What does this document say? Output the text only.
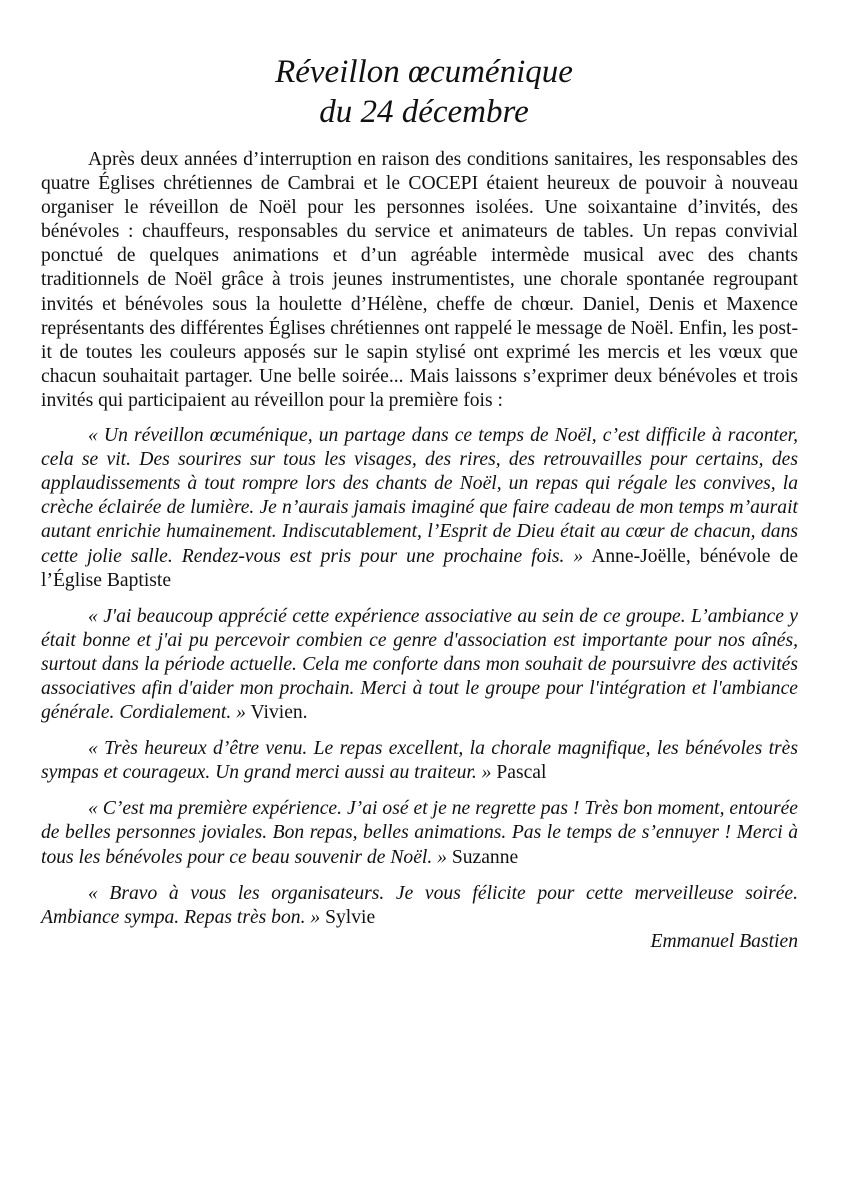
Réveillon œcuménique
du 24 décembre

Après deux années d’interruption en raison des conditions sanitaires, les responsables des quatre Églises chrétiennes de Cambrai et le COCEPI étaient heureux de pouvoir à nouveau organiser le réveillon de Noël pour les personnes isolées. Une soixantaine d’invités, des bénévoles : chauffeurs, responsables du service et animateurs de tables. Un repas convivial ponctué de quelques animations et d’un agréable intermède musical avec des chants traditionnels de Noël grâce à trois jeunes instrumentistes, une chorale spontanée regroupant invités et bénévoles sous la houlette d’Hélène, cheffe de chœur. Daniel, Denis et Maxence représentants des différentes Églises chrétiennes ont rappelé le message de Noël. Enfin, les post-it de toutes les couleurs apposés sur le sapin stylisé ont exprimé les mercis et les vœux que chacun souhaitait partager. Une belle soirée... Mais laissons s’exprimer deux bénévoles et trois invités qui participaient au réveillon pour la première fois :

« Un réveillon œcuménique, un partage dans ce temps de Noël, c’est difficile à raconter, cela se vit. Des sourires sur tous les visages, des rires, des retrouvailles pour certains, des applaudissements à tout rompre lors des chants de Noël, un repas qui régale les convives, la crèche éclairée de lumière. Je n’aurais jamais imaginé que faire cadeau de mon temps m’aurait autant enrichie humainement. Indiscutablement, l’Esprit de Dieu était au cœur de chacun, dans cette jolie salle. Rendez-vous est pris pour une prochaine fois. » Anne-Joëlle, bénévole de l’Église Baptiste

« J'ai beaucoup apprécié cette expérience associative au sein de ce groupe. L’ambiance y était bonne et j'ai pu percevoir combien ce genre d'association est importante pour nos aînés, surtout dans la période actuelle. Cela me conforte dans mon souhait de poursuivre des activités associatives afin d'aider mon prochain. Merci à tout le groupe pour l'intégration et l'ambiance générale. Cordialement. » Vivien.

« Très heureux d’être venu. Le repas excellent, la chorale magnifique, les bénévoles très sympas et courageux. Un grand merci aussi au traiteur. » Pascal

« C’est ma première expérience. J’ai osé et je ne regrette pas ! Très bon moment, entourée de belles personnes joviales. Bon repas, belles animations. Pas le temps de s’ennuyer ! Merci à tous les bénévoles pour ce beau souvenir de Noël. » Suzanne

« Bravo à vous les organisateurs. Je vous félicite pour cette merveilleuse soirée. Ambiance sympa. Repas très bon. » Sylvie

Emmanuel Bastien
